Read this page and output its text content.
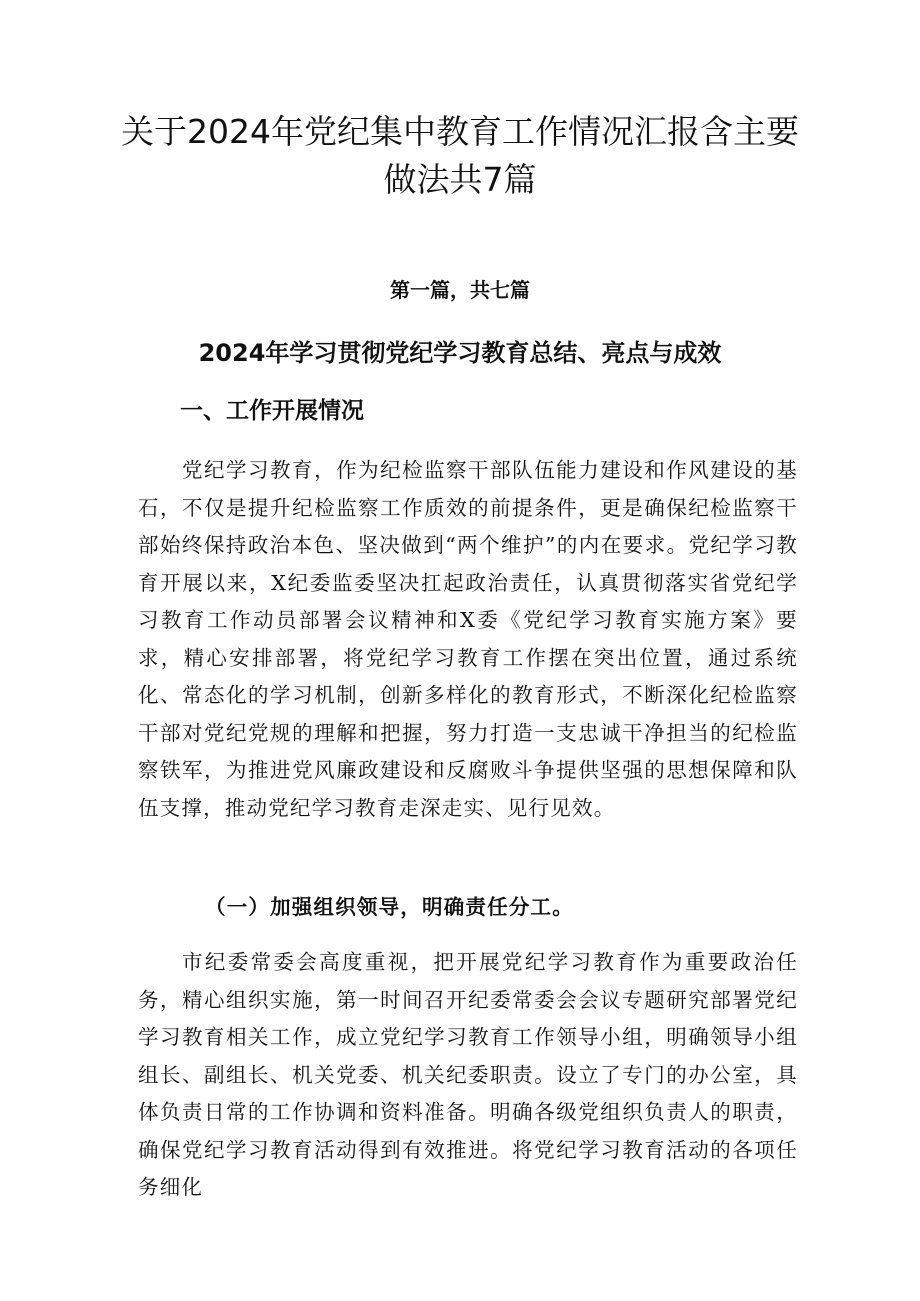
关于2024年党纪集中教育工作情况汇报含主要做法共7篇
第一篇，共七篇
2024年学习贯彻党纪学习教育总结、亮点与成效
一、工作开展情况

党纪学习教育，作为纪检监察干部队伍能力建设和作风建设的基石，不仅是提升纪检监察工作质效的前提条件，更是确保纪检监察干部始终保持政治本色、坚决做到“两个维护”的内在要求。党纪学习教育开展以来，X纪委监委坚决扛起政治责任，认真贯彻落实省党纪学习教育工作动员部署会议精神和X委《党纪学习教育实施方案》要求，精心安排部署，将党纪学习教育工作摆在突出位置，通过系统化、常态化的学习机制，创新多样化的教育形式，不断深化纪检监察干部对党纪党规的理解和把握，努力打造一支忠诚干净担当的纪检监察铁军，为推进党风廉政建设和反腐败斗争提供坚强的思想保障和队伍支撑，推动党纪学习教育走深走实、见行见效。

（一）加强组织领导，明确责任分工。

市纪委常委会高度重视，把开展党纪学习教育作为重要政治任务，精心组织实施，第一时间召开纪委常委会会议专题研究部署党纪学习教育相关工作，成立党纪学习教育工作领导小组，明确领导小组组长、副组长、机关党委、机关纪委职责。设立了专门的办公室，具体负责日常的工作协调和资料准备。明确各级党组织负责人的职责，确保党纪学习教育活动得到有效推进。将党纪学习教育活动的各项任务细化
